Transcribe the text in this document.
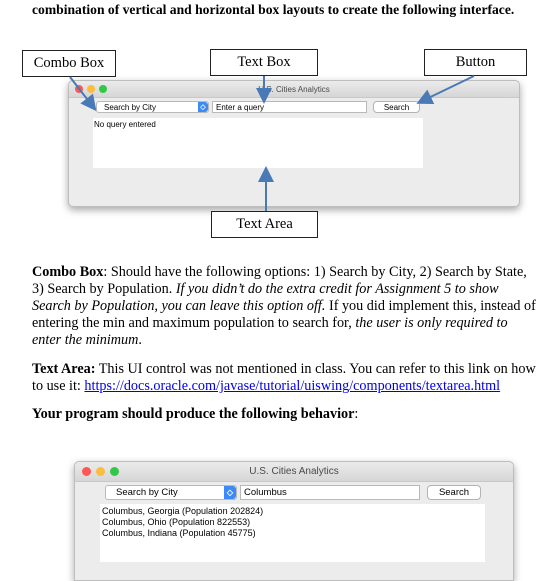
combination of vertical and horizontal box layouts to create the following interface.
Combo Box	Text Box	Button
U.S. Cities Analytics
Search by City	◇	Enter a query	Search
No query entered
Text Area
Combo Box: Should have the following options: 1) Search by City, 2) Search by State, 3) Search by Population. If you didn’t do the extra credit for Assignment 5 to show Search by Population, you can leave this option off. If you did implement this, instead of entering the min and maximum population to search for, the user is only required to enter the minimum.
Text Area: This UI control was not mentioned in class. You can refer to this link on how to use it: https://docs.oracle.com/javase/tutorial/uiswing/components/textarea.html
Your program should produce the following behavior:
U.S. Cities Analytics
Search by City	◇	Columbus	Search
Columbus, Georgia (Population 202824)
Columbus, Ohio (Population 822553)
Columbus, Indiana (Population 45775)
